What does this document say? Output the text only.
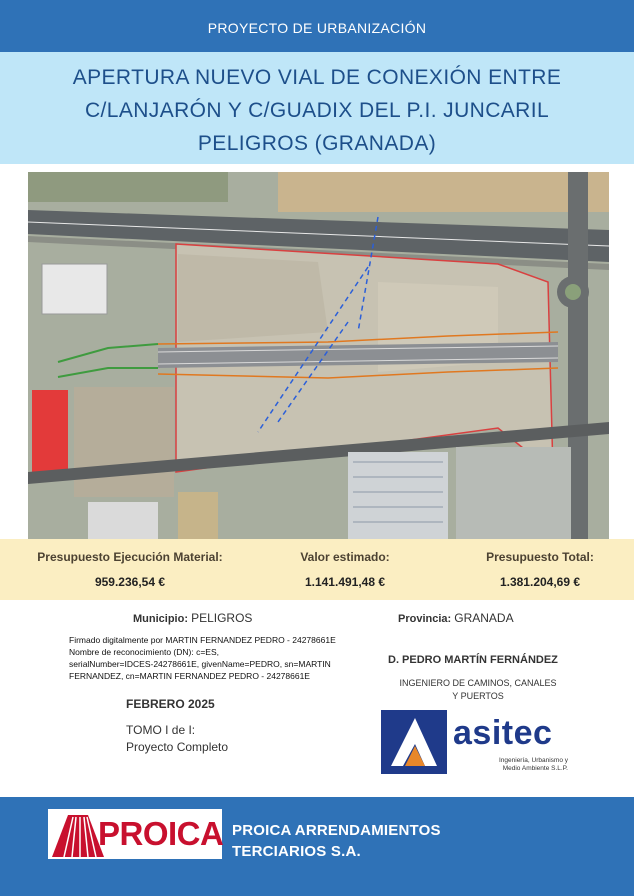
PROYECTO DE URBANIZACIÓN
APERTURA NUEVO VIAL DE CONEXIÓN ENTRE
C/LANJARÓN Y C/GUADIX DEL P.I. JUNCARIL
PELIGROS (GRANADA)
Presupuesto Ejecución Material:
959.236,54 €
Valor estimado:
1.141.491,48 €
Presupuesto Total:
1.381.204,69 €
Municipio: PELIGROS	Provincia: GRANADA
Firmado digitalmente por MARTIN FERNANDEZ PEDRO - 24278661E
Nombre de reconocimiento (DN): c=ES,
serialNumber=IDCES-24278661E, givenName=PEDRO, sn=MARTIN
FERNANDEZ, cn=MARTIN FERNANDEZ PEDRO - 24278661E
D. PEDRO MARTÍN FERNÁNDEZ
INGENIERO DE CAMINOS, CANALES
Y PUERTOS
FEBRERO 2025
TOMO I de I:
Proyecto Completo	asitec
Ingeniería, Urbanismo y
Medio Ambiente S.L.P.
PROICA PROICA ARRENDAMIENTOS
TERCIARIOS S.A.
